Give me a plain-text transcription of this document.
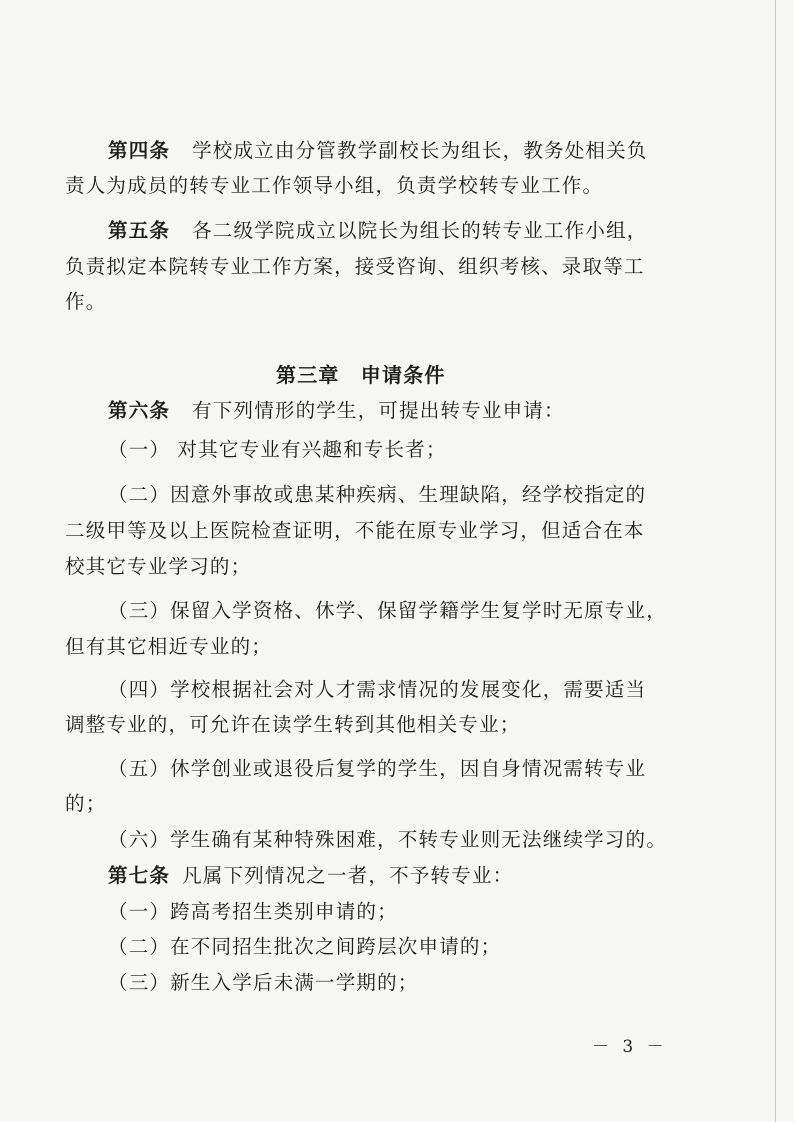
第四条 学校成立由分管教学副校长为组长，教务处相关负

责人为成员的转专业工作领导小组，负责学校转专业工作。

第五条 各二级学院成立以院长为组长的转专业工作小组，

负责拟定本院转专业工作方案，接受咨询、组织考核、录取等工

作。

第三章　申请条件

第六条 有下列情形的学生，可提出转专业申请：

（一） 对其它专业有兴趣和专长者；

（二）因意外事故或患某种疾病、生理缺陷，经学校指定的

二级甲等及以上医院检查证明，不能在原专业学习，但适合在本

校其它专业学习的；

（三）保留入学资格、休学、保留学籍学生复学时无原专业，

但有其它相近专业的；

（四）学校根据社会对人才需求情况的发展变化，需要适当

调整专业的，可允许在读学生转到其他相关专业；

（五）休学创业或退役后复学的学生，因自身情况需转专业

的；

（六）学生确有某种特殊困难，不转专业则无法继续学习的。

第七条 凡属下列情况之一者，不予转专业：

（一）跨高考招生类别申请的；

（二）在不同招生批次之间跨层次申请的；

（三）新生入学后未满一学期的；

－ 3 －
